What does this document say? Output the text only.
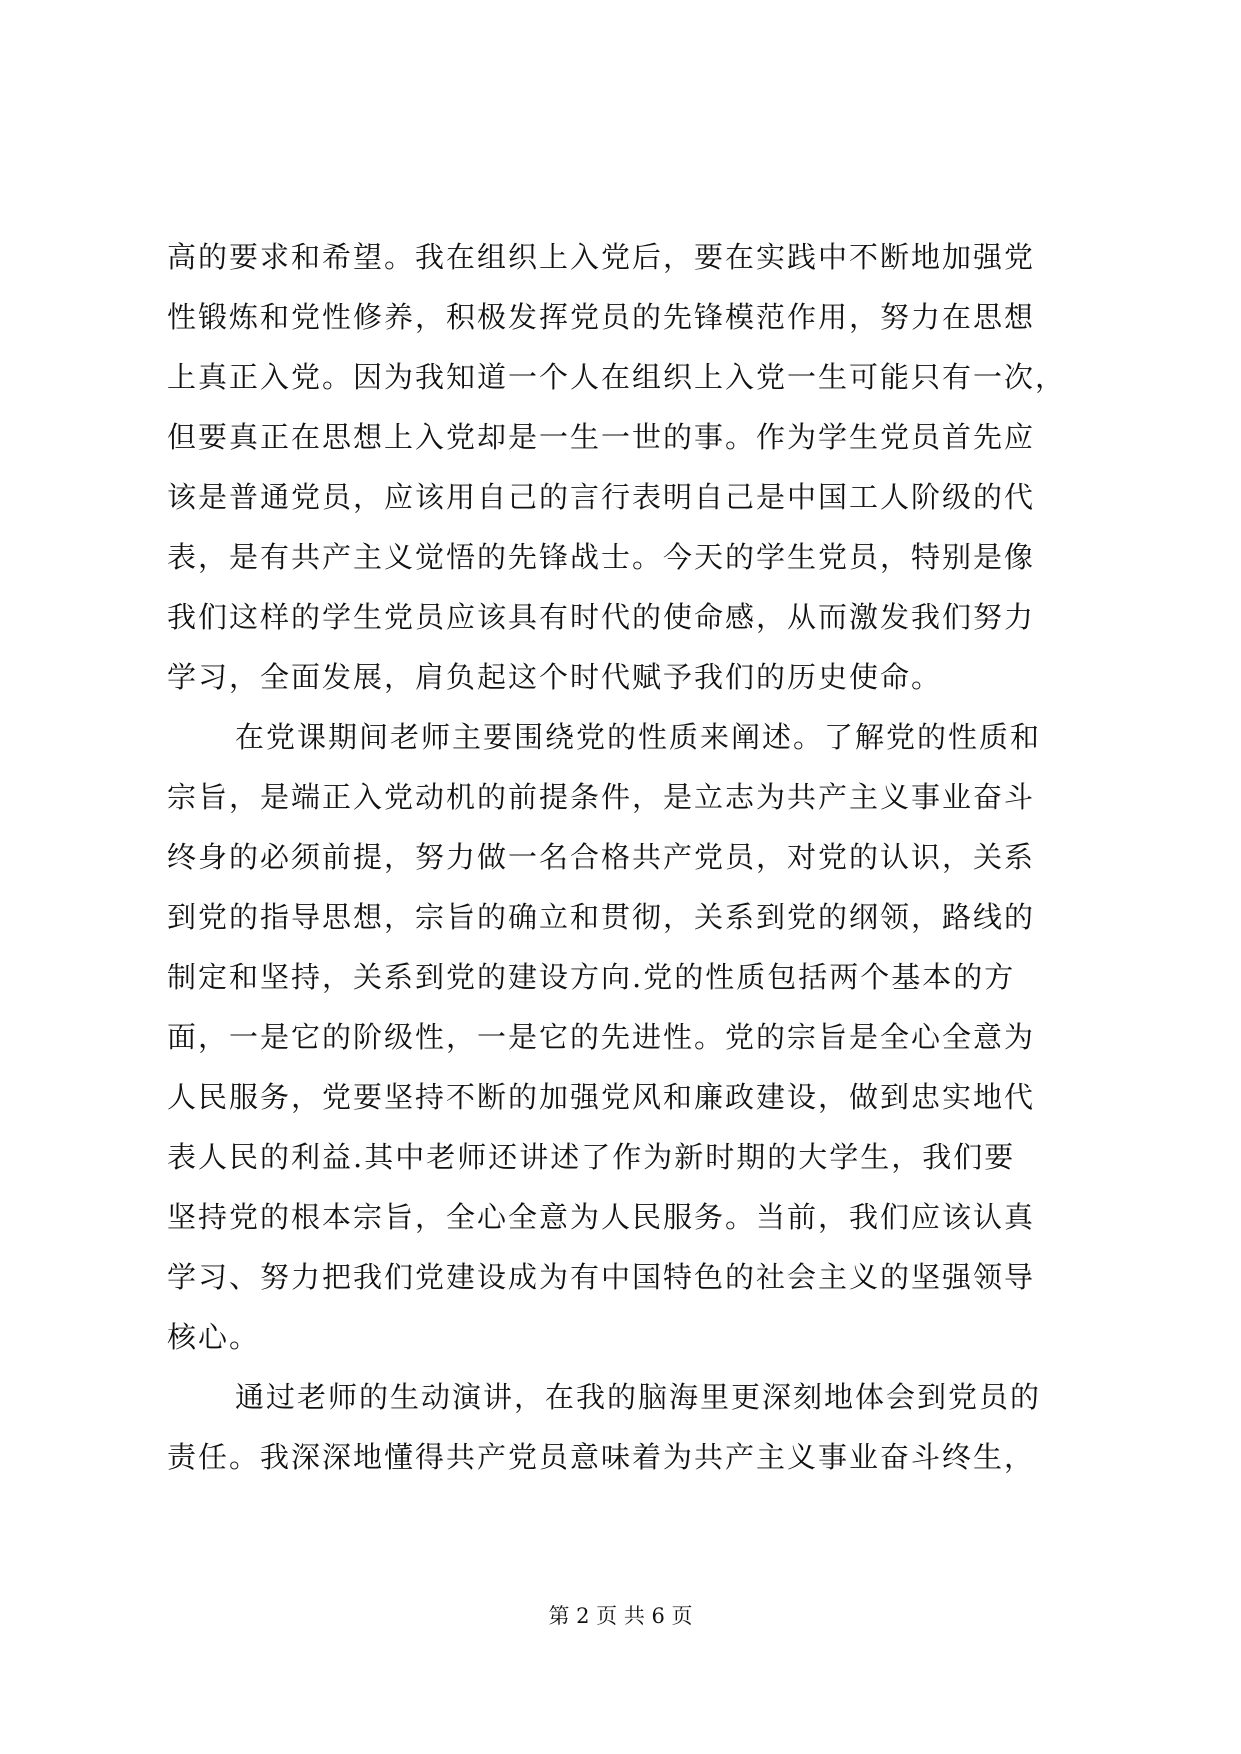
高的要求和希望。我在组织上入党后，要在实践中不断地加强党
性锻炼和党性修养，积极发挥党员的先锋模范作用，努力在思想
上真正入党。因为我知道一个人在组织上入党一生可能只有一次，
但要真正在思想上入党却是一生一世的事。作为学生党员首先应
该是普通党员，应该用自己的言行表明自己是中国工人阶级的代
表，是有共产主义觉悟的先锋战士。今天的学生党员，特别是像
我们这样的学生党员应该具有时代的使命感，从而激发我们努力
学习，全面发展，肩负起这个时代赋予我们的历史使命。
在党课期间老师主要围绕党的性质来阐述。了解党的性质和
宗旨，是端正入党动机的前提条件，是立志为共产主义事业奋斗
终身的必须前提，努力做一名合格共产党员，对党的认识，关系
到党的指导思想，宗旨的确立和贯彻，关系到党的纲领，路线的
制定和坚持，关系到党的建设方向.党的性质包括两个基本的方
面，一是它的阶级性，一是它的先进性。党的宗旨是全心全意为
人民服务，党要坚持不断的加强党风和廉政建设，做到忠实地代
表人民的利益.其中老师还讲述了作为新时期的大学生，我们要
坚持党的根本宗旨，全心全意为人民服务。当前，我们应该认真
学习、努力把我们党建设成为有中国特色的社会主义的坚强领导
核心。
通过老师的生动演讲，在我的脑海里更深刻地体会到党员的
责任。我深深地懂得共产党员意味着为共产主义事业奋斗终生，
第 2 页 共 6 页
